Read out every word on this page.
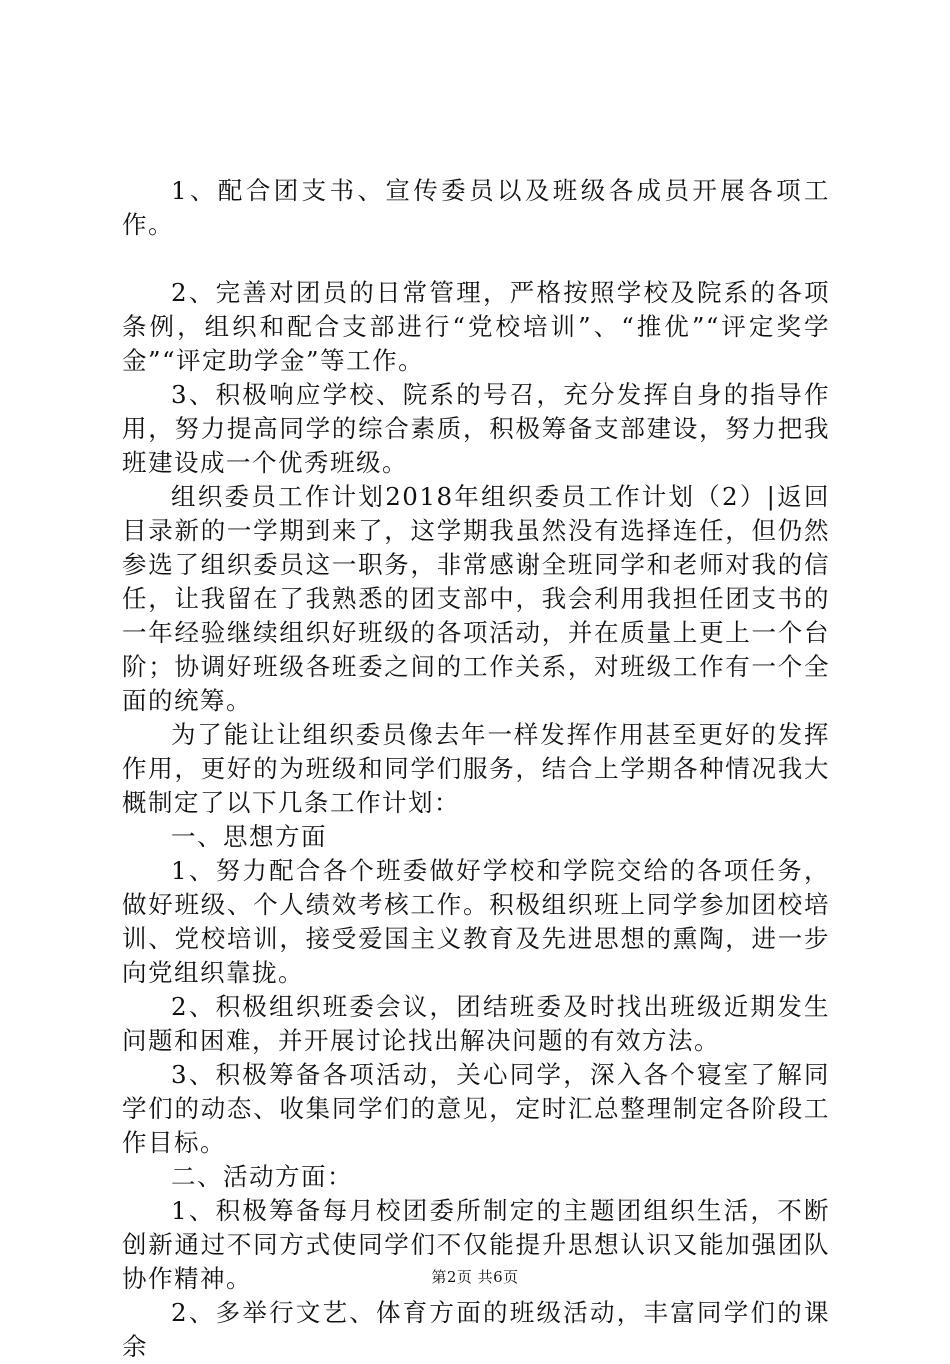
1、配合团支书、宣传委员以及班级各成员开展各项工作。

2、完善对团员的日常管理，严格按照学校及院系的各项条例，组织和配合支部进行“党校培训”、“推优”“评定奖学金”“评定助学金”等工作。

3、积极响应学校、院系的号召，充分发挥自身的指导作用，努力提高同学的综合素质，积极筹备支部建设，努力把我班建设成一个优秀班级。

组织委员工作计划2018年组织委员工作计划（2）|返回目录新的一学期到来了，这学期我虽然没有选择连任，但仍然参选了组织委员这一职务，非常感谢全班同学和老师对我的信任，让我留在了我熟悉的团支部中，我会利用我担任团支书的一年经验继续组织好班级的各项活动，并在质量上更上一个台阶；协调好班级各班委之间的工作关系，对班级工作有一个全面的统筹。

为了能让让组织委员像去年一样发挥作用甚至更好的发挥作用，更好的为班级和同学们服务，结合上学期各种情况我大概制定了以下几条工作计划：

一、思想方面

1、努力配合各个班委做好学校和学院交给的各项任务，做好班级、个人绩效考核工作。积极组织班上同学参加团校培训、党校培训，接受爱国主义教育及先进思想的熏陶，进一步向党组织靠拢。

2、积极组织班委会议，团结班委及时找出班级近期发生问题和困难，并开展讨论找出解决问题的有效方法。

3、积极筹备各项活动，关心同学，深入各个寝室了解同学们的动态、收集同学们的意见，定时汇总整理制定各阶段工作目标。

二、活动方面：

1、积极筹备每月校团委所制定的主题团组织生活，不断创新通过不同方式使同学们不仅能提升思想认识又能加强团队协作精神。

2、多举行文艺、体育方面的班级活动，丰富同学们的课余

第2页 共6页
